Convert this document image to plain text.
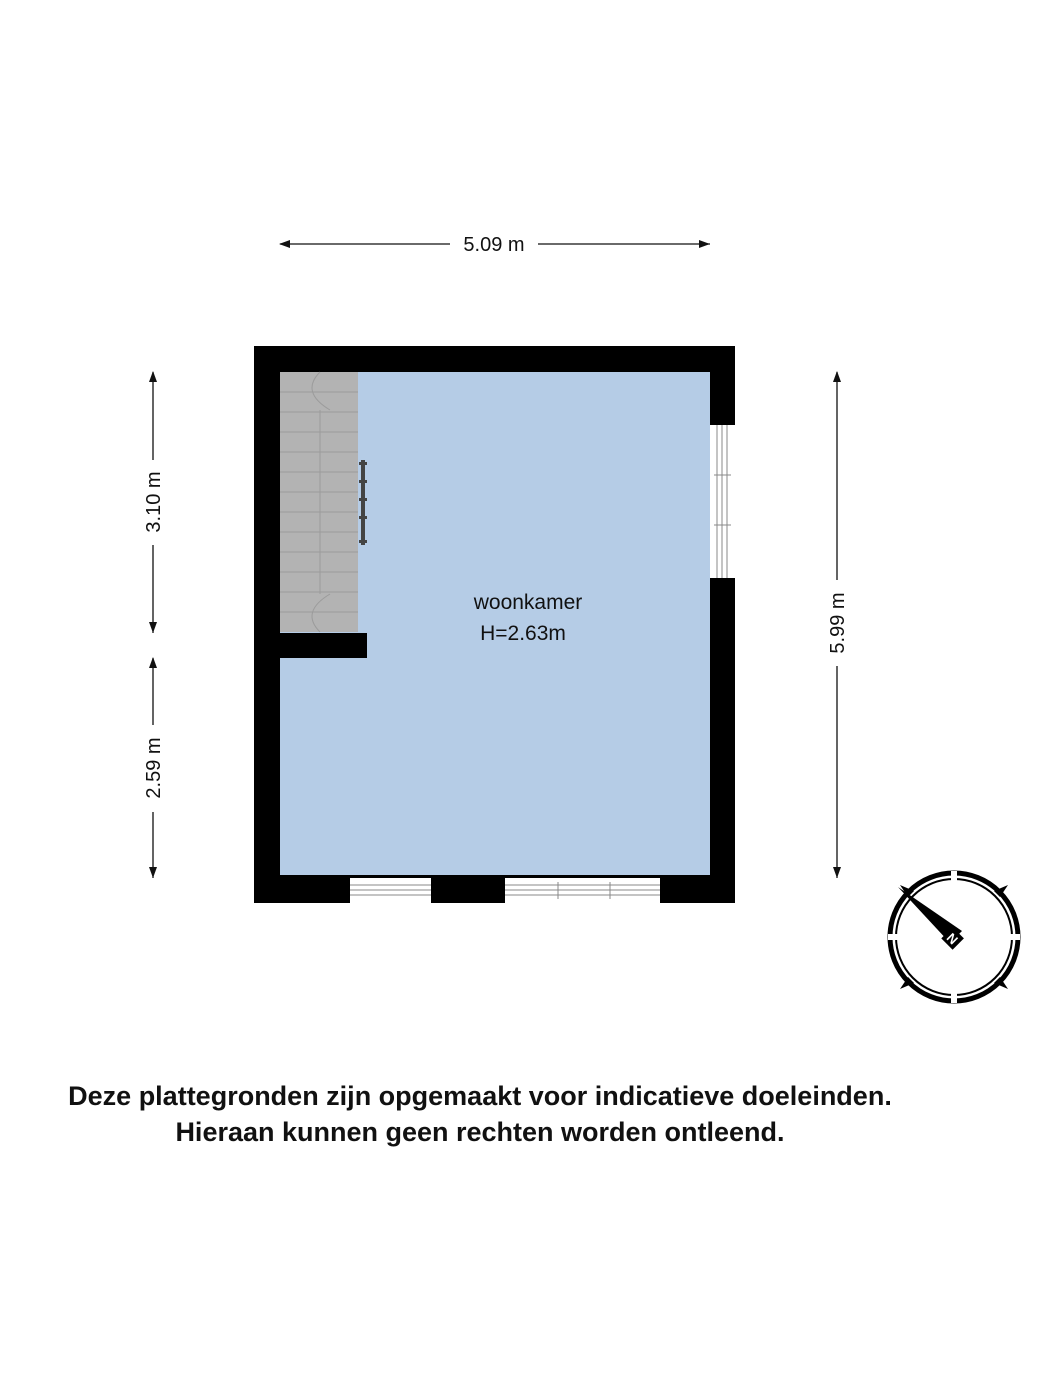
5.09 m
3.10 m
2.59 m
5.99 m
woonkamer
H=2.63m
N
Deze plattegronden zijn opgemaakt voor indicatieve doeleinden.
Hieraan kunnen geen rechten worden ontleend.
